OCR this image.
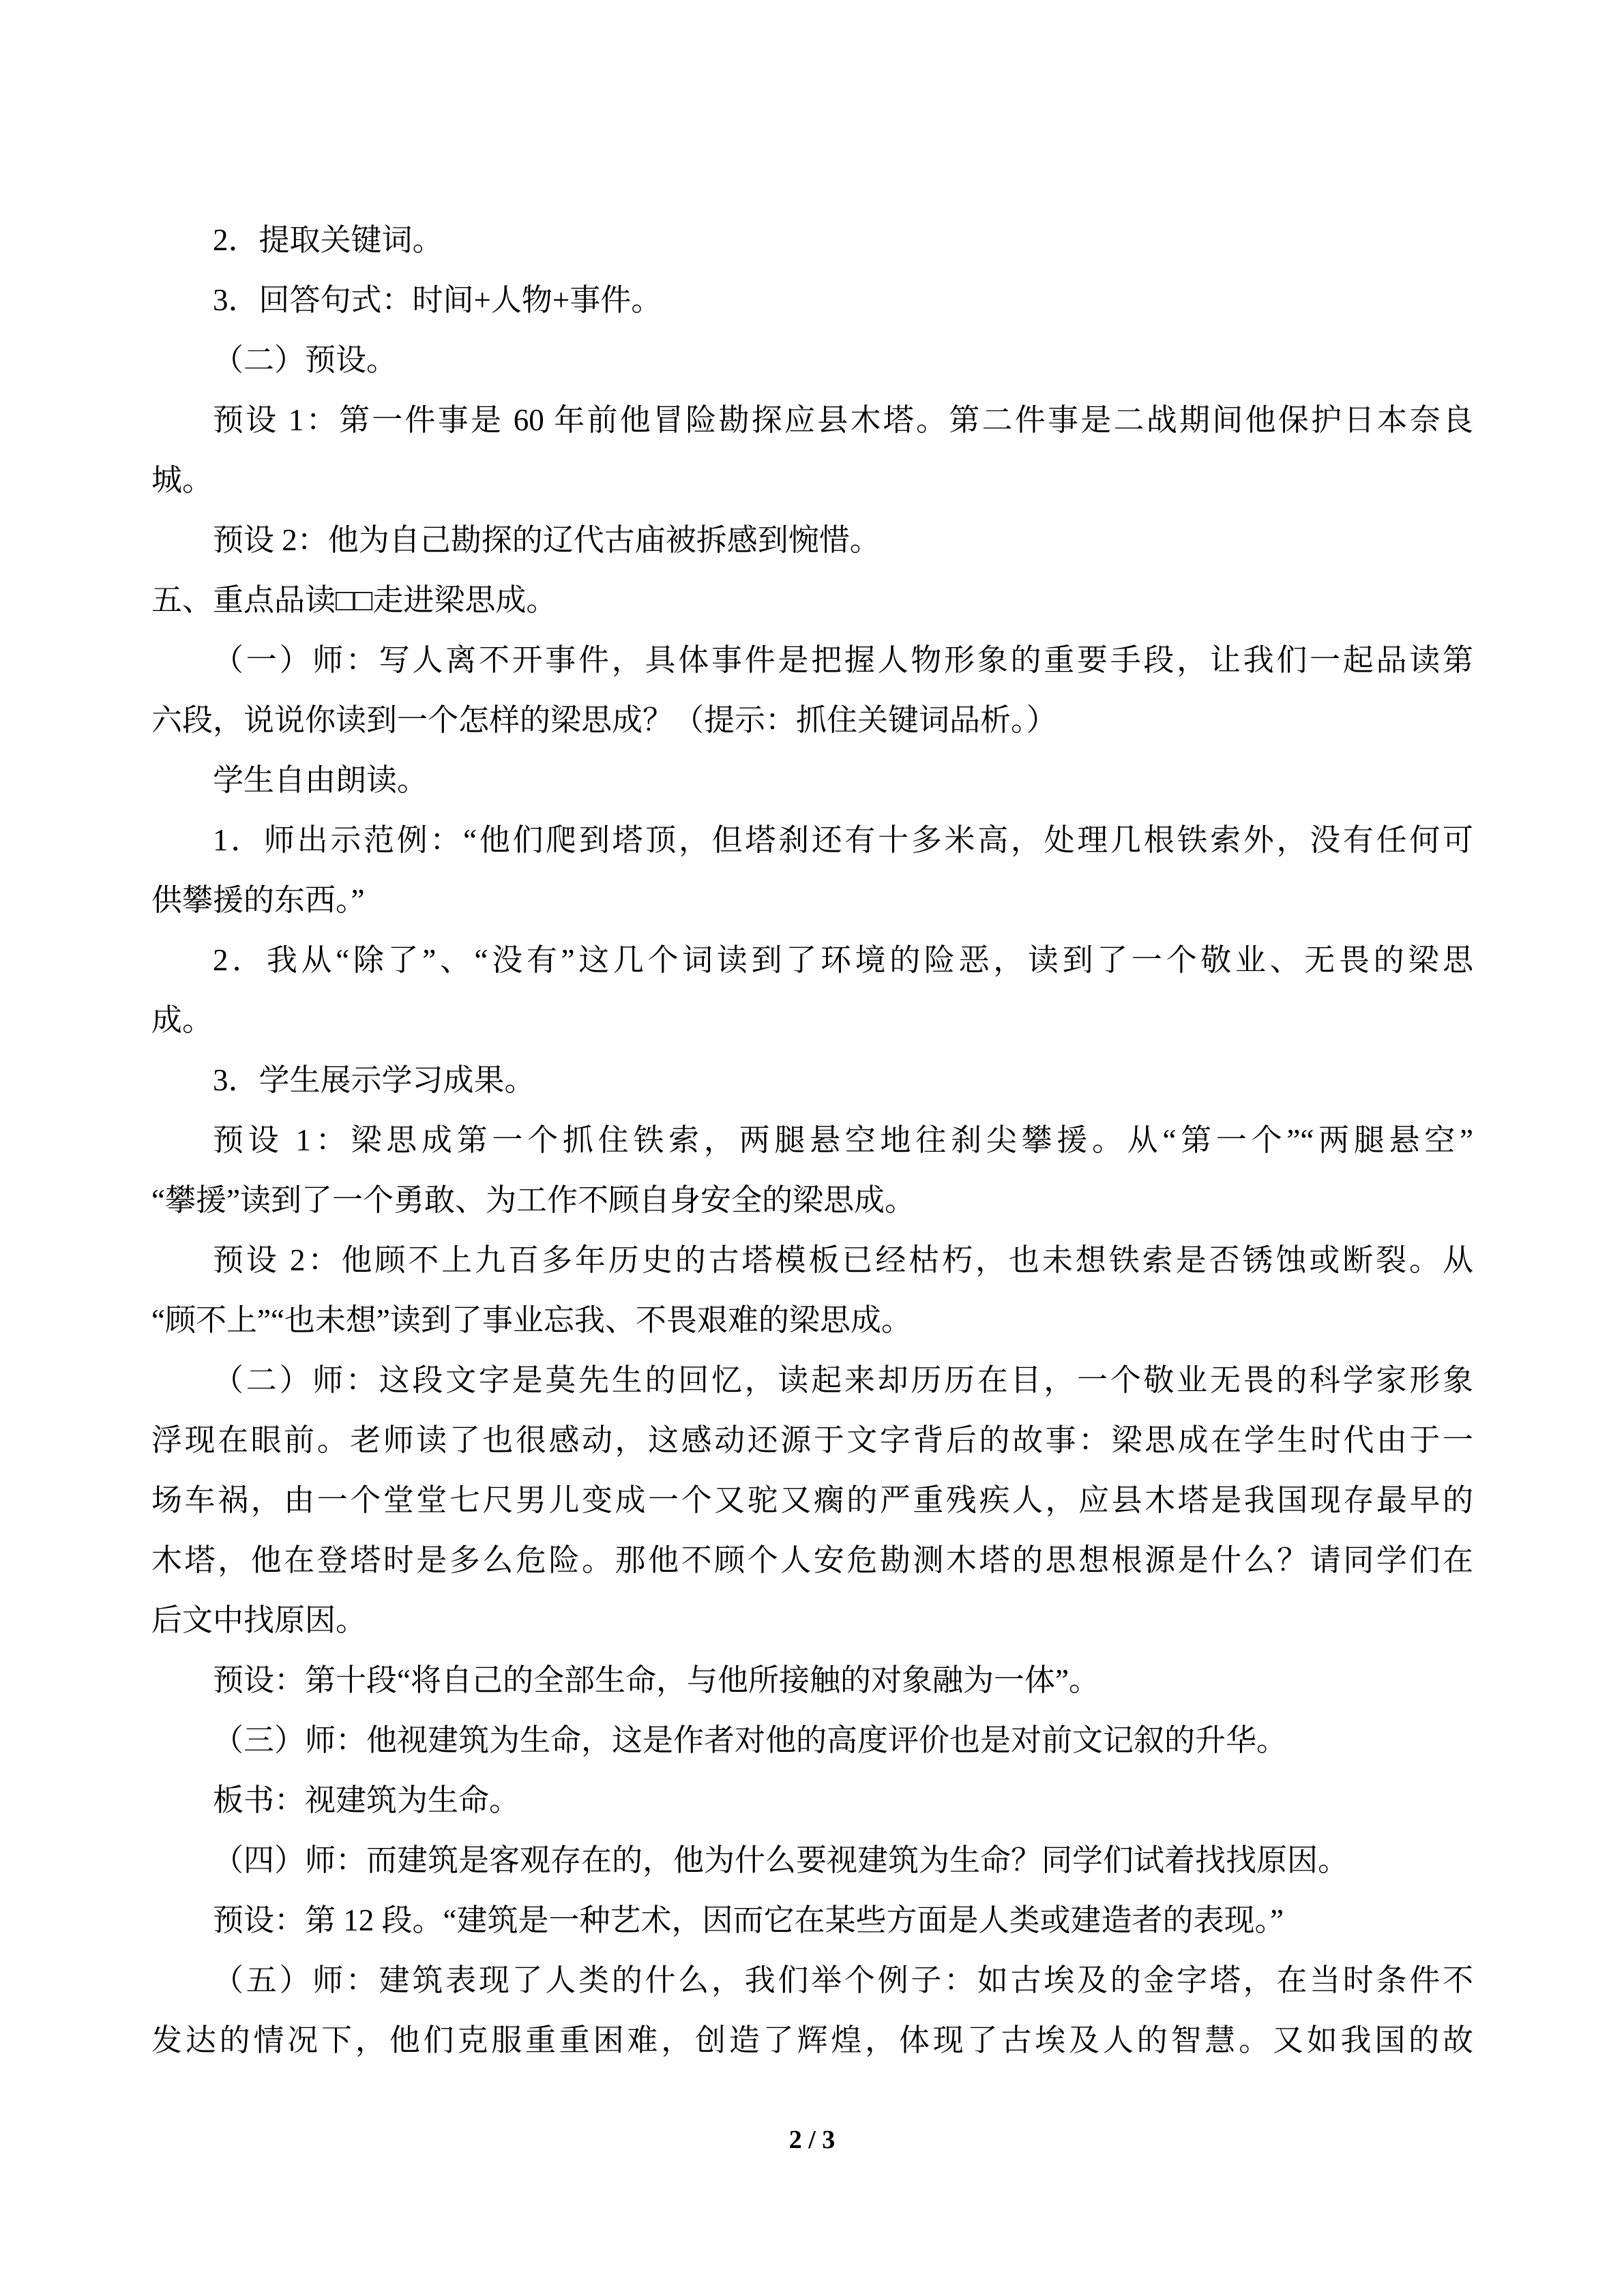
2．提取关键词。
3．回答句式：时间+人物+事件。
（二）预设。
预设 1：第一件事是 60 年前他冒险勘探应县木塔。第二件事是二战期间他保护日本奈良
城。
预设 2：他为自己勘探的辽代古庙被拆感到惋惜。
五、重点品读□□走进梁思成。
（一）师：写人离不开事件，具体事件是把握人物形象的重要手段，让我们一起品读第
六段，说说你读到一个怎样的梁思成？（提示：抓住关键词品析。）
学生自由朗读。
1．师出示范例：“他们爬到塔顶，但塔刹还有十多米高，处理几根铁索外，没有任何可
供攀援的东西。”
2．我从“除了”、“没有”这几个词读到了环境的险恶，读到了一个敬业、无畏的梁思
成。
3．学生展示学习成果。
预设 1：梁思成第一个抓住铁索，两腿悬空地往刹尖攀援。从“第一个”“两腿悬空”
“攀援”读到了一个勇敢、为工作不顾自身安全的梁思成。
预设 2：他顾不上九百多年历史的古塔模板已经枯朽，也未想铁索是否锈蚀或断裂。从
“顾不上”“也未想”读到了事业忘我、不畏艰难的梁思成。
（二）师：这段文字是莫先生的回忆，读起来却历历在目，一个敬业无畏的科学家形象
浮现在眼前。老师读了也很感动，这感动还源于文字背后的故事：梁思成在学生时代由于一
场车祸，由一个堂堂七尺男儿变成一个又驼又瘸的严重残疾人，应县木塔是我国现存最早的
木塔，他在登塔时是多么危险。那他不顾个人安危勘测木塔的思想根源是什么？请同学们在
后文中找原因。
预设：第十段“将自己的全部生命，与他所接触的对象融为一体”。
（三）师：他视建筑为生命，这是作者对他的高度评价也是对前文记叙的升华。
板书：视建筑为生命。
（四）师：而建筑是客观存在的，他为什么要视建筑为生命？同学们试着找找原因。
预设：第 12 段。“建筑是一种艺术，因而它在某些方面是人类或建造者的表现。”
（五）师：建筑表现了人类的什么，我们举个例子：如古埃及的金字塔，在当时条件不
发达的情况下，他们克服重重困难，创造了辉煌，体现了古埃及人的智慧。又如我国的故
2 / 3
